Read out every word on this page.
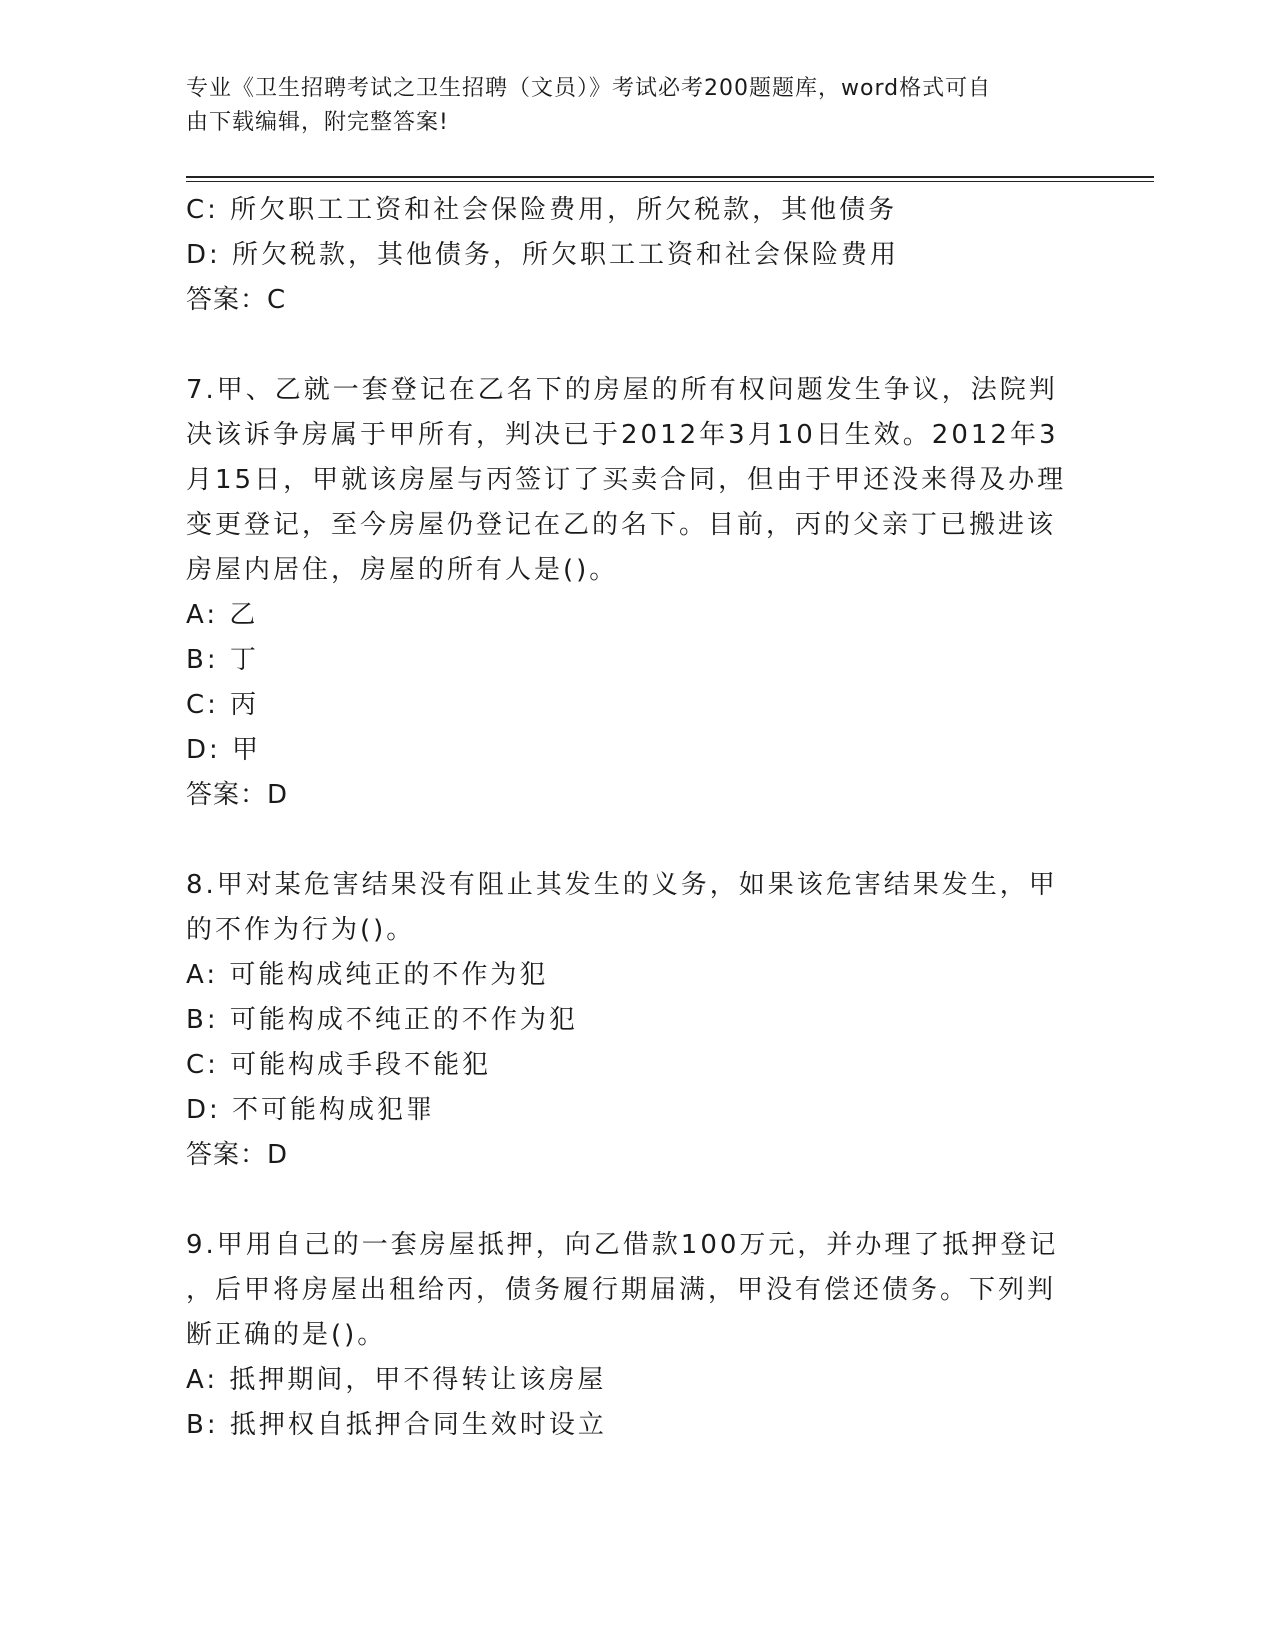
专业《卫生招聘考试之卫生招聘（文员）》考试必考200题题库，word格式可自
由下载编辑，附完整答案!
C: 所欠职工工资和社会保险费用，所欠税款，其他债务
D: 所欠税款，其他债务，所欠职工工资和社会保险费用
答案：C
7.甲、乙就一套登记在乙名下的房屋的所有权问题发生争议，法院判
决该诉争房属于甲所有，判决已于2012年3月10日生效。2012年3
月15日，甲就该房屋与丙签订了买卖合同，但由于甲还没来得及办理
变更登记，至今房屋仍登记在乙的名下。目前，丙的父亲丁已搬进该
房屋内居住，房屋的所有人是()。
A: 乙
B: 丁
C: 丙
D: 甲
答案：D
8.甲对某危害结果没有阻止其发生的义务，如果该危害结果发生，甲
的不作为行为()。
A: 可能构成纯正的不作为犯
B: 可能构成不纯正的不作为犯
C: 可能构成手段不能犯
D: 不可能构成犯罪
答案：D
9.甲用自己的一套房屋抵押，向乙借款100万元，并办理了抵押登记
，后甲将房屋出租给丙，债务履行期届满，甲没有偿还债务。下列判
断正确的是()。
A: 抵押期间，甲不得转让该房屋
B: 抵押权自抵押合同生效时设立
